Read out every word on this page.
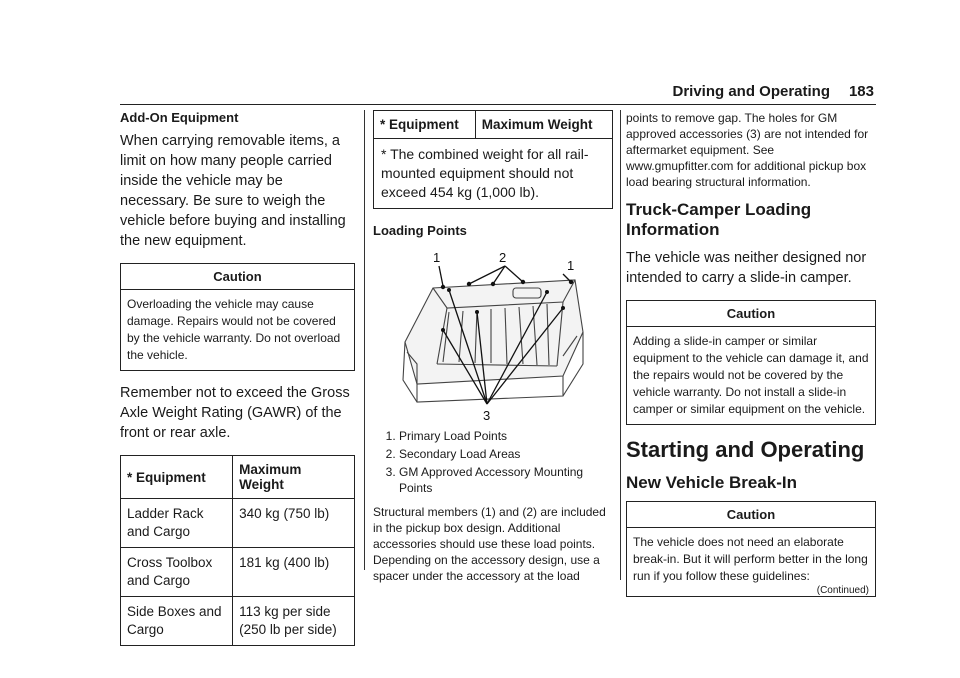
Driving and Operating 183
Add-On Equipment

When carrying removable items, a limit on how many people carried inside the vehicle may be necessary. Be sure to weigh the vehicle before buying and installing the new equipment.

Caution
Overloading the vehicle may cause damage. Repairs would not be covered by the vehicle warranty. Do not overload the vehicle.

Remember not to exceed the Gross Axle Weight Rating (GAWR) of the front or rear axle.

* Equipment	Maximum Weight
Ladder Rack and Cargo	340 kg (750 lb)
Cross Toolbox and Cargo	181 kg (400 lb)
Side Boxes and Cargo	113 kg per side (250 lb per side)
* Equipment	Maximum Weight
* The combined weight for all rail-mounted equipment should not exceed 454 kg (1,000 lb).
Loading Points
1	2
1
3
1. Primary Load Points
2. Secondary Load Areas
3. GM Approved Accessory Mounting Points

Structural members (1) and (2) are included in the pickup box design. Additional accessories should use these load points. Depending on the accessory design, use a spacer under the accessory at the load

points to remove gap. The holes for GM approved accessories (3) are not intended for aftermarket equipment. See www.gmupfitter.com for additional pickup box load bearing structural information.

Truck-Camper Loading Information

The vehicle was neither designed nor intended to carry a slide-in camper.

Caution
Adding a slide-in camper or similar equipment to the vehicle can damage it, and the repairs would not be covered by the vehicle warranty. Do not install a slide-in camper or similar equipment on the vehicle.
Starting and Operating
New Vehicle Break-In
Caution
The vehicle does not need an elaborate break-in. But it will perform better in the long run if you follow these guidelines:
(Continued)
